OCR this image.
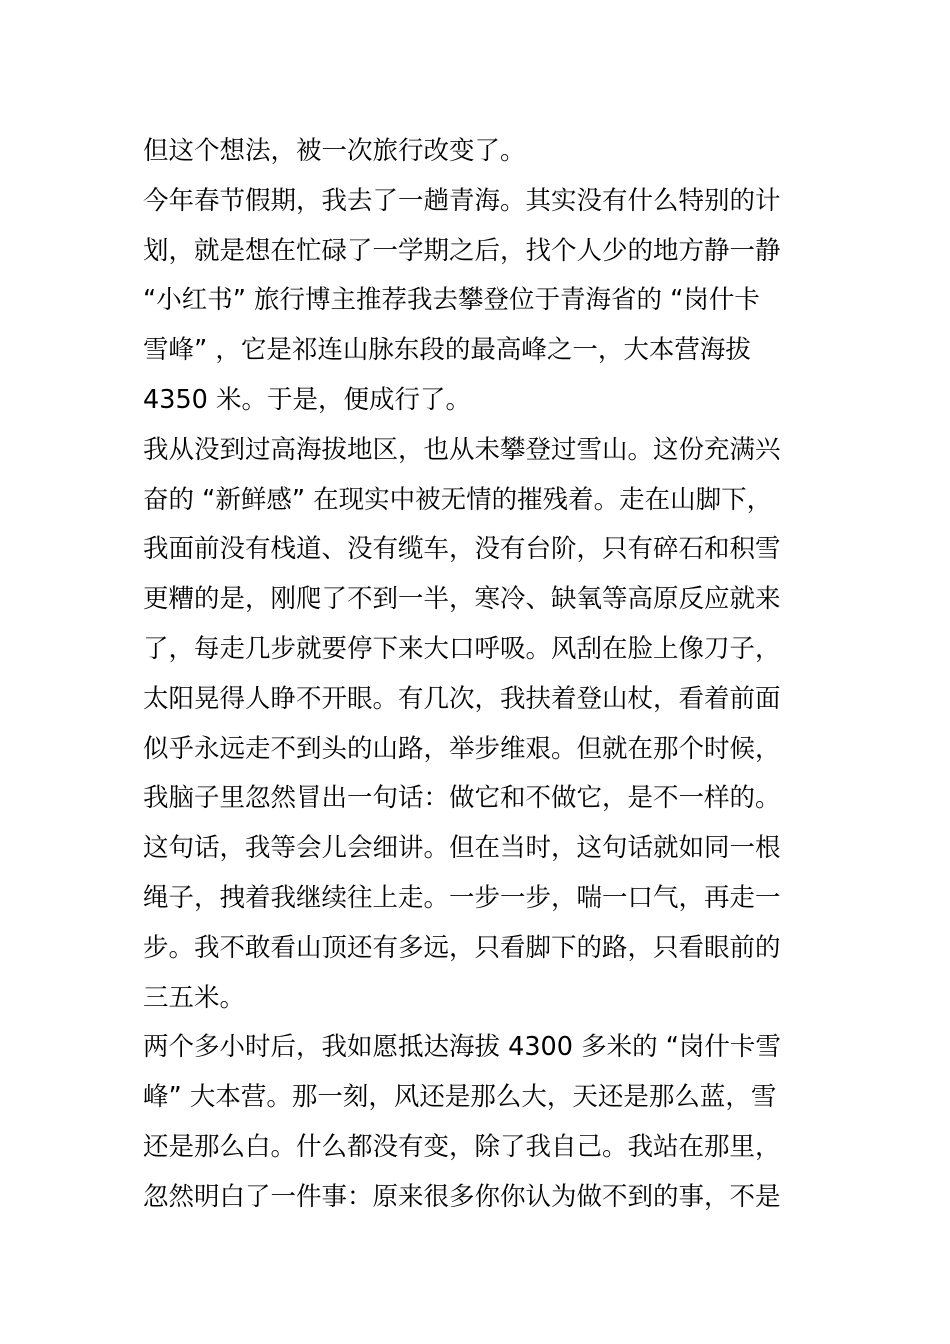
但这个想法，被一次旅行改变了。
今年春节假期，我去了一趟青海。其实没有什么特别的计
划，就是想在忙碌了一学期之后，找个人少的地方静一静
“小红书” 旅行博主推荐我去攀登位于青海省的 “岗什卡
雪峰” ，它是祁连山脉东段的最高峰之一，大本营海拔
4350 米。于是，便成行了。
我从没到过高海拔地区，也从未攀登过雪山。这份充满兴
奋的 “新鲜感” 在现实中被无情的摧残着。走在山脚下，
我面前没有栈道、没有缆车，没有台阶，只有碎石和积雪
更糟的是，刚爬了不到一半，寒冷、缺氧等高原反应就来
了，每走几步就要停下来大口呼吸。风刮在脸上像刀子，
太阳晃得人睁不开眼。有几次，我扶着登山杖，看着前面
似乎永远走不到头的山路，举步维艰。但就在那个时候，
我脑子里忽然冒出一句话：做它和不做它，是不一样的。
这句话，我等会儿会细讲。但在当时，这句话就如同一根
绳子，拽着我继续往上走。一步一步，喘一口气，再走一
步。我不敢看山顶还有多远，只看脚下的路，只看眼前的
三五米。
两个多小时后，我如愿抵达海拔 4300 多米的 “岗什卡雪
峰” 大本营。那一刻，风还是那么大，天还是那么蓝，雪
还是那么白。什么都没有变，除了我自己。我站在那里，
忽然明白了一件事：原来很多你你认为做不到的事，不是
